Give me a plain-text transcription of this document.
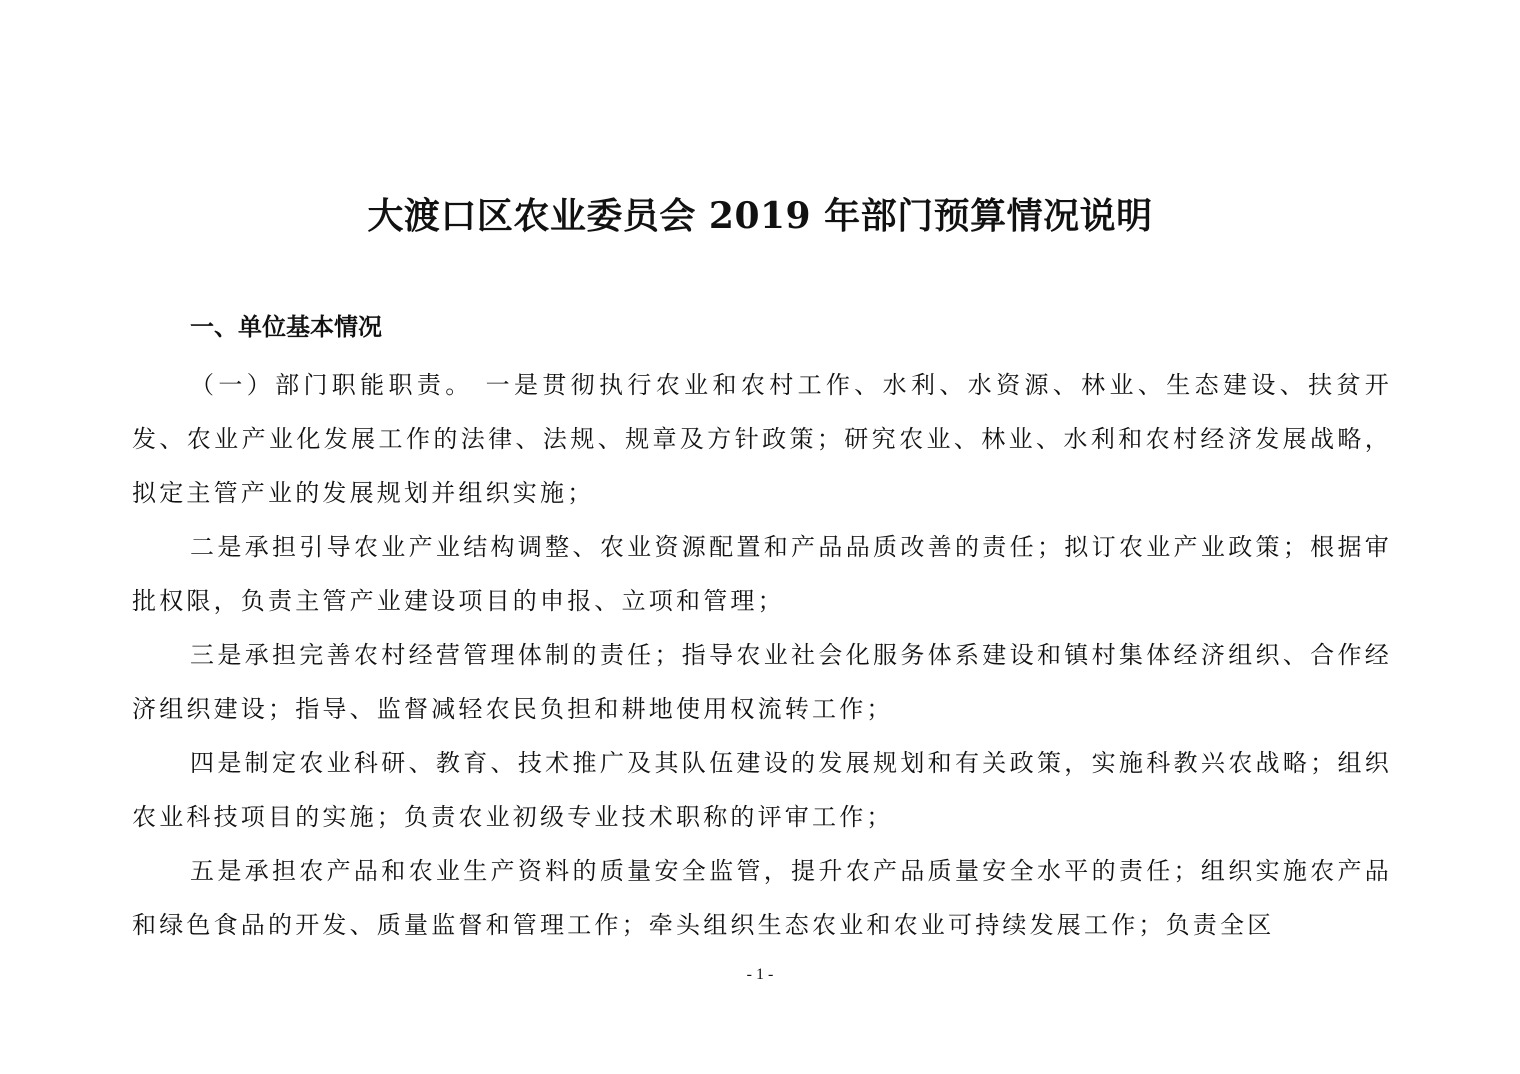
大渡口区农业委员会 2019 年部门预算情况说明
一、单位基本情况

（一）部门职能职责。 一是贯彻执行农业和农村工作、水利、水资源、林业、生态建设、扶贫开发、农业产业化发展工作的法律、法规、规章及方针政策；研究农业、林业、水利和农村经济发展战略，拟定主管产业的发展规划并组织实施；

二是承担引导农业产业结构调整、农业资源配置和产品品质改善的责任；拟订农业产业政策；根据审批权限，负责主管产业建设项目的申报、立项和管理；

三是承担完善农村经营管理体制的责任；指导农业社会化服务体系建设和镇村集体经济组织、合作经济组织建设；指导、监督减轻农民负担和耕地使用权流转工作；

四是制定农业科研、教育、技术推广及其队伍建设的发展规划和有关政策，实施科教兴农战略；组织农业科技项目的实施；负责农业初级专业技术职称的评审工作；

五是承担农产品和农业生产资料的质量安全监管，提升农产品质量安全水平的责任；组织实施农产品和绿色食品的开发、质量监督和管理工作；牵头组织生态农业和农业可持续发展工作；负责全区

- 1 -
